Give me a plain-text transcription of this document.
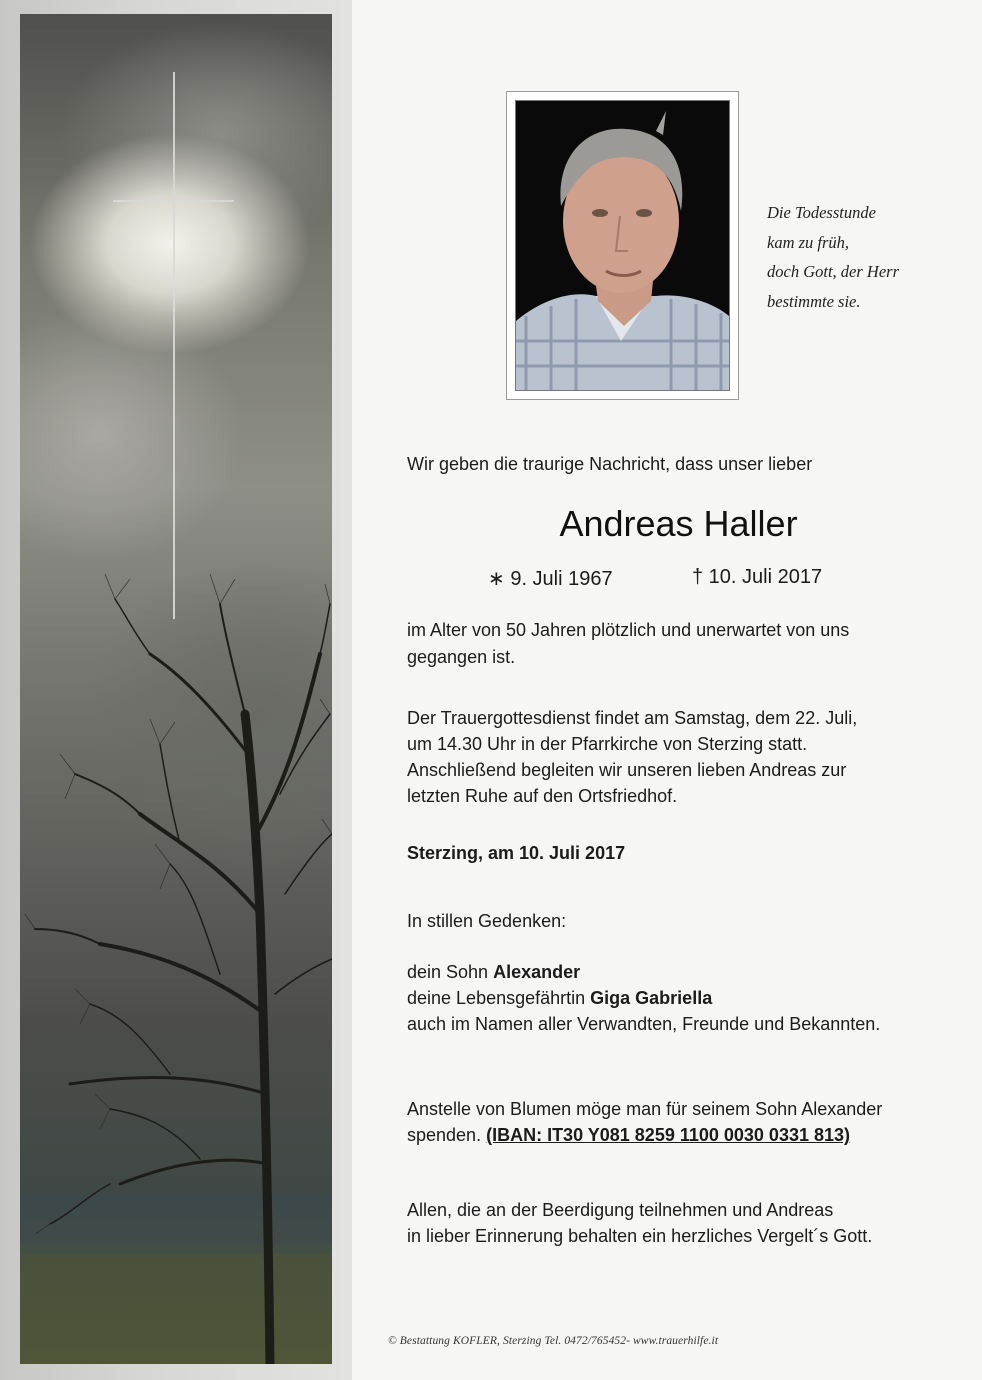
Die Todesstunde
kam zu früh,
doch Gott, der Herr
bestimmte sie.
Wir geben die traurige Nachricht, dass unser lieber
Andreas Haller
∗ 9. Juli 1967	† 10. Juli 2017
im Alter von 50 Jahren plötzlich und unerwartet von uns
gegangen ist.
Der Trauergottesdienst findet am Samstag, dem 22. Juli,
um 14.30 Uhr in der Pfarrkirche von Sterzing statt.
Anschließend begleiten wir unseren lieben Andreas zur
letzten Ruhe auf den Ortsfriedhof.
Sterzing, am 10. Juli 2017
In stillen Gedenken:
dein Sohn Alexander
deine Lebensgefährtin Giga Gabriella
auch im Namen aller Verwandten, Freunde und Bekannten.
Anstelle von Blumen möge man für seinem Sohn Alexander
spenden. (IBAN: IT30 Y081 8259 1100 0030 0331 813)
Allen, die an der Beerdigung teilnehmen und Andreas
in lieber Erinnerung behalten ein herzliches Vergelt´s Gott.
© Bestattung KOFLER, Sterzing Tel. 0472/765452- www.trauerhilfe.it
